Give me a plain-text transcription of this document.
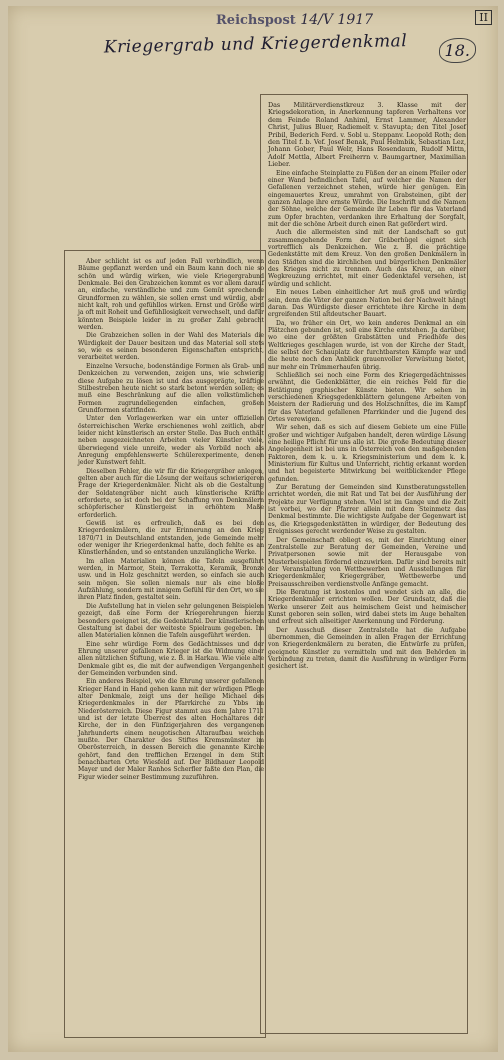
Reichspost 14/V 1917	II
Kriegergrab und Kriegerdenkmal	18.

Aber schlicht ist es auf jeden Fall verbindlich, wenn Bäume gepflanzt werden und ein Baum kann doch nie so schön und würdig wirken, wie viele Kriegergrabund Denkmale. Bei den Grabzeichen kommt es vor allem darauf an, einfache, verständliche und zum Gemüt sprechende Grundformen zu wählen, sie sollen ernst und würdig, aber nicht kalt, roh und gefühllos wirken. Ernst und Größe wird ja oft mit Roheit und Gefühllosigkeit verwechselt, und dafür könnten Beispiele leider in zu großer Zahl gebracht werden.

Die Grabzeichen sollen in der Wahl des Materials die Würdigkeit der Dauer besitzen und das Material soll stets so, wie es seinen besonderen Eigenschaften entspricht, verarbeitet werden.

Einzelne Versuche, bodenständige Formen als Grab- und Denkzeichen zu verwenden, zeigen uns, wie schwierig diese Aufgabe zu lösen ist und das ausgeprägte, kräftige Stilbestreben heute nicht so stark betont werden sollen; es muß eine Beschränkung auf die allen volkstümlichen Formen zugrundeliegenden einfachen, großen Grundformen stattfinden.

Unter den Vorlagewerken war ein unter offiziellen österreichischen Werke erschienenes wohl zeitlich, aber leider nicht künstlerisch an erster Stelle. Das Buch enthält neben ausgezeichneten Arbeiten vieler Künstler viele, überwiegend viele unreife, weder als Vorbild noch als Anregung empfehlenswerte Schülerexperimente, denen jeder Kunstwert fehlt.

Dieselben Fehler, die wir für die Kriegergräber anlegen, gelten aber auch für die Lösung der weitaus schwierigeren Frage der Kriegerdenkmäler. Nicht als ob die Gestaltung der Soldatengräber nicht auch künstlerische Kräfte erforderte, so ist doch bei der Schaffung von Denkmälern schöpferischer Künstlergeist in erhöhtem Maße erforderlich.

Gewiß ist es erfreulich, daß es bei den Kriegerdenkmälern, die zur Erinnerung an den Krieg 1870/71 in Deutschland entstanden, jede Gemeinde mehr oder weniger ihr Kriegerdenkmal hatte, doch fehlte es an Künstlerhänden, und so entstanden unzulängliche Werke.

Im allen Materialien können die Tafeln ausgeführt werden, in Marmor, Stein, Terrakotta, Keramik, Bronze usw. und in Holz geschnitzt werden, so einfach sie auch sein mögen. Sie sollen niemals nur als eine bloße Aufzählung, sondern mit innigem Gefühl für den Ort, wo sie ihren Platz finden, gestaltet sein.

Die Aufstellung hat in vielen sehr gelungenen Beispielen gezeigt, daß eine Form der Kriegerehrungen hierzu besonders geeignet ist, die Gedenktafel. Der künstlerischen Gestaltung ist dabei der weiteste Spielraum gegeben. Im allen Materialien können die Tafeln ausgeführt werden.

Eine sehr würdige Form des Gedächtnisses und der Ehrung unserer gefallenen Krieger ist die Widmung einer allen nützlichen Stiftung, wie z. B. in Harkau. Wie viele alte Denkmale gibt es, die mit der aufwendigen Vergangenheit der Gemeinden verbunden sind.

Ein anderes Beispiel, wie die Ehrung unserer gefallenen Krieger Hand in Hand gehen kann mit der würdigen Pflege alter Denkmale, zeigt uns der heilige Michael des Kriegerdenkmales in der Pfarrkirche zu Ybbs im Niederösterreich. Diese Figur stammt aus dem Jahre 1711 und ist der letzte Überrest des alten Hochaltares der Kirche, der in den Fünfzigerjahren des vergangenen Jahrhunderts einem neugotischen Altaraufbau weichen mußte. Der Charakter des Stiftes Kremsmünster im Oberösterreich, in dessen Bereich die genannte Kirche gehört, fand den trefflichen Erzengel in dem Stift benachbarten Orte Wiesfeld auf. Der Bildhauer Leopold Mayer und der Maler Ranhos Scherfler faßte den Plan, die Figur wieder seiner Bestimmung zuzuführen.

Das Militärverdienstkreuz 3. Klasse mit der Kriegsdekoration, in Anerkennung tapferen Verhaltens vor dem Feinde Roland Anhiml, Ernst Lammer, Alexander Christ, Julius Bluer, Radiemelt v. Stavupta; den Titel Josef Pribil, Bederich Ferd. v. Sobl u. Steppanv. Leopold Roth; den den Titel f. b. Vef. Josef Benak, Paul Helmbik, Sebastian Lez, Johann Gober, Paul Welr, Hans Rosendaum, Rudolf Mittn, Adolf Mettla, Albert Freiherrn v. Baumgartner, Maximilian Lieber.

Eine einfache Steinplatte zu Füßen der an einem Pfeiler oder einer Wand befindlichen Tafel, auf welcher die Namen der Gefallenen verzeichnet stehen, würde hier genügen. Ein eingemauertes Kreuz, umrahmt von Grabsteinen, gibt der ganzen Anlage ihre ernste Würde. Die Inschrift und die Namen der Söhne, welche der Gemeinde ihr Leben für das Vaterland zum Opfer brachten, verdanken ihre Erhaltung der Sorgfalt, mit der die schöne Arbeit durch einen Rat gefördert wird.

Auch die allermeisten sind mit der Landschaft so gut zusammengehende Form der Gräberhügel eignet sich vortrefflich als Denkzeichen. Wie z. B. die prächtige Gedenkstätte mit dem Kreuz. Von den großen Denkmälern in den Städten sind die kirchlichen und bürgerlichen Denkmäler des Krieges nicht zu trennen. Auch das Kreuz, an einer Wegkreuzung errichtet, mit einer Gedenktafel versehen, ist würdig und schlicht.

Ein neues Leben einheitlicher Art muß groß und würdig sein, denn die Väter der ganzen Nation bei der Nachwelt hängt daran. Das Würdigste dieser errichtete ihre Kirche in dem ergreifenden Stil altdeutscher Bauart.

Da, wo früher ein Ort, wo kein anderes Denkmal an ein Plätzchen gebunden ist, soll eine Kirche entstehen. Ja darüber, wo eine der größten Grabstätten und Friedhöfe des Weltkrieges geschlagen wurde, ist von der Kirche der Stadt, die selbst der Schauplatz der furchtbarsten Kämpfe war und die heute noch den Anblick grauenvoller Verwüstung bietet, nur mehr ein Trümmerhaufen übrig.

Schließlich sei noch eine Form des Kriegergedächtnisses erwähnt, die Gedenkblätter, die ein reiches Feld für die Betätigung graphischer Künste bieten. Wir sehen in verschiedenen Kriegsgedenkblättern gelungene Arbeiten von Meistern der Radierung und des Holzschnittes, die im Kampf für das Vaterland gefallenen Pfarrkinder und die Jugend des Ortes verewigen.

Wir sehen, daß es sich auf diesem Gebiete um eine Fülle großer und wichtiger Aufgaben handelt, deren würdige Lösung eine heilige Pflicht für uns alle ist. Die große Bedeutung dieser Angelegenheit ist bei uns in Österreich von den maßgebenden Faktoren, dem k. u. k. Kriegsministerium und dem k. k. Ministerium für Kultus und Unterricht, richtig erkannt worden und hat begeisterte Mitwirkung bei weitblickender Pflege gefunden.

Zur Beratung der Gemeinden sind Kunstberatungsstellen errichtet worden, die mit Rat und Tat bei der Ausführung der Projekte zur Verfügung stehen. Viel ist im Gange und die Zeit ist vorbei, wo der Pfarrer allein mit dem Steinmetz das Denkmal bestimmte. Die wichtigste Aufgabe der Gegenwart ist es, die Kriegsgedenkstätten in würdiger, der Bedeutung des Ereignisses gerecht werdender Weise zu gestalten.

Der Gemeinschaft obliegt es, mit der Einrichtung einer Zentralstelle zur Beratung der Gemeinden, Vereine und Privatpersonen sowie mit der Herausgabe von Musterbeispielen fördernd einzuwirken. Dafür sind bereits mit der Veranstaltung von Wettbewerben und Ausstellungen für Kriegerdenkmäler, Kriegergräber, Wettbewerbe und Preisausschreiben verdienstvolle Anfänge gemacht.

Die Beratung ist kostenlos und wendet sich an alle, die Kriegerdenkmäler errichten wollen. Der Grundsatz, daß die Werke unserer Zeit aus heimischem Geist und heimischer Kunst geboren sein sollen, wird dabei stets im Auge behalten und erfreut sich allseitiger Anerkennung und Förderung.

Der Ausschuß dieser Zentralstelle hat die Aufgabe übernommen, die Gemeinden in allen Fragen der Errichtung von Kriegerdenkmälern zu beraten, die Entwürfe zu prüfen, geeignete Künstler zu vermitteln und mit den Behörden in Verbindung zu treten, damit die Ausführung in würdiger Form gesichert ist.
